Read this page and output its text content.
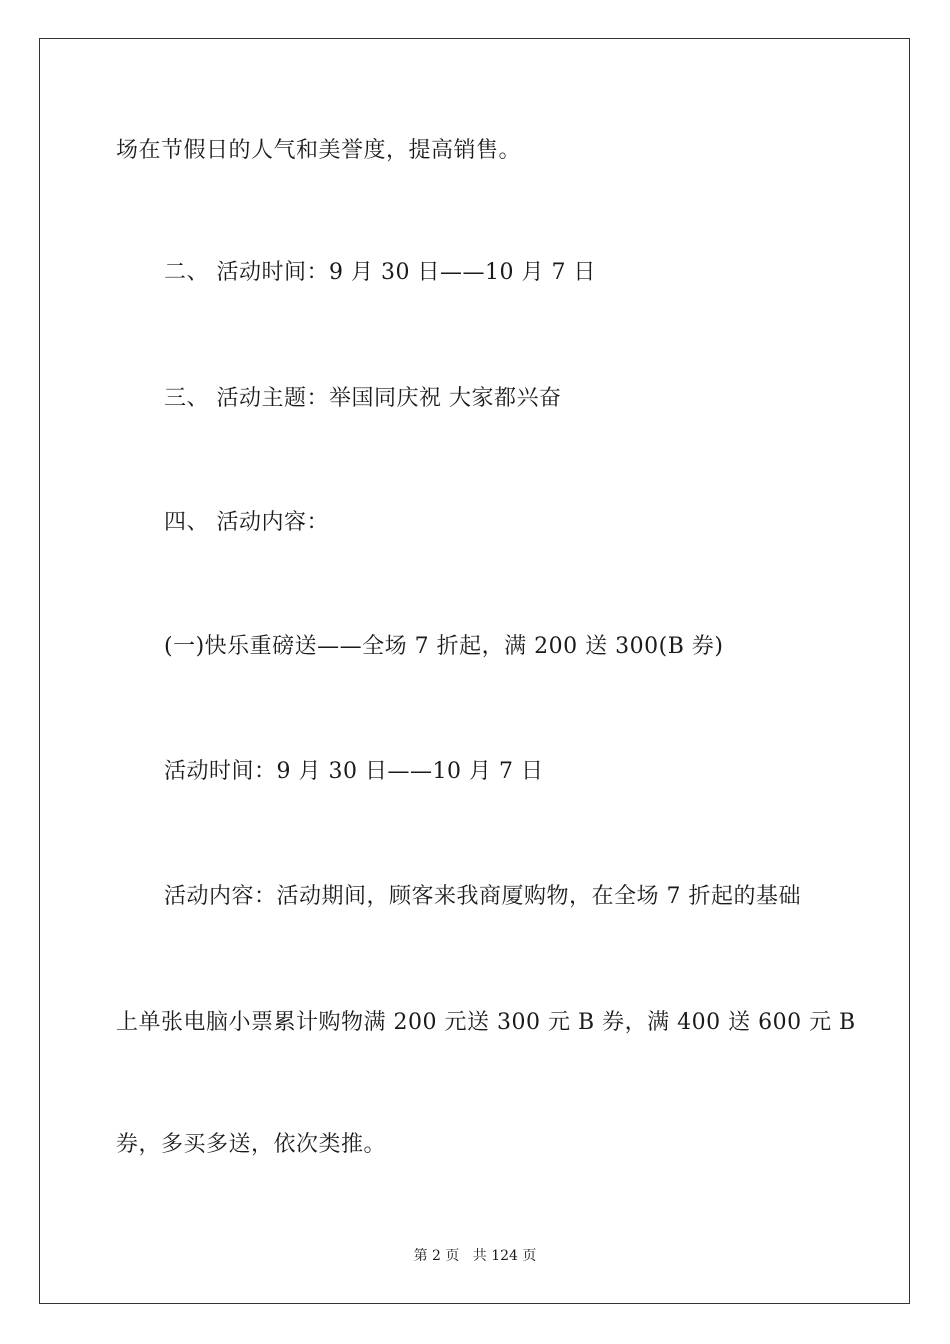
场在节假日的人气和美誉度，提高销售。
二、 活动时间：9 月 30 日——10 月 7 日
三、 活动主题：举国同庆祝 大家都兴奋
四、 活动内容：
(一)快乐重磅送——全场 7 折起，满 200 送 300(B 券)
活动时间：9 月 30 日——10 月 7 日
活动内容：活动期间，顾客来我商厦购物，在全场 7 折起的基础
上单张电脑小票累计购物满 200 元送 300 元 B 券，满 400 送 600 元 B
券，多买多送，依次类推。
第 2 页   共 124 页
